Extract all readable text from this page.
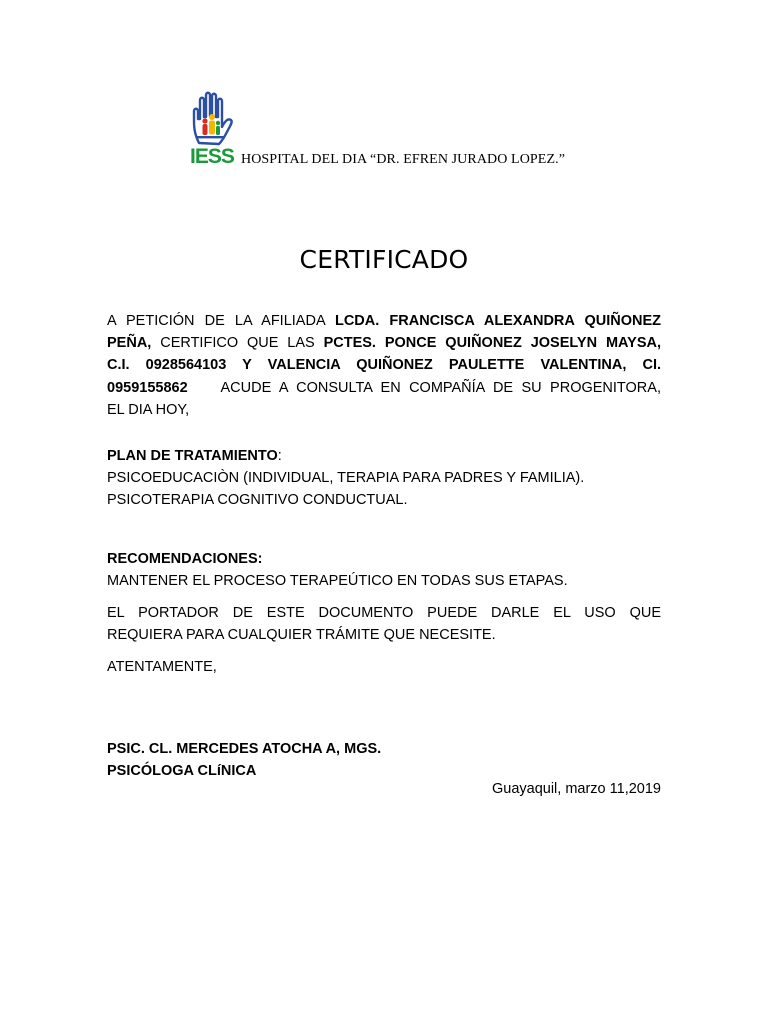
IESS HOSPITAL DEL DIA “DR. EFREN JURADO LOPEZ.”
CERTIFICADO
A PETICIÓN DE LA AFILIADA LCDA. FRANCISCA ALEXANDRA QUIÑONEZ
PEÑA, CERTIFICO QUE LAS PCTES. PONCE QUIÑONEZ JOSELYN MAYSA,
C.I. 0928564103 Y VALENCIA QUIÑONEZ PAULETTE VALENTINA, CI.
0959155862 ACUDE A CONSULTA EN COMPAÑÍA DE SU PROGENITORA,
EL DIA HOY,
PLAN DE TRATAMIENTO:
PSICOEDUCACIÒN (INDIVIDUAL, TERAPIA PARA PADRES Y FAMILIA).
PSICOTERAPIA COGNITIVO CONDUCTUAL.
RECOMENDACIONES:
MANTENER EL PROCESO TERAPEÚTICO EN TODAS SUS ETAPAS.
EL PORTADOR DE ESTE DOCUMENTO PUEDE DARLE EL USO QUE
REQUIERA PARA CUALQUIER TRÁMITE QUE NECESITE.
ATENTAMENTE,
PSIC. CL. MERCEDES ATOCHA A, MGS.
PSICÓLOGA CLíNICA
Guayaquil, marzo 11,2019
